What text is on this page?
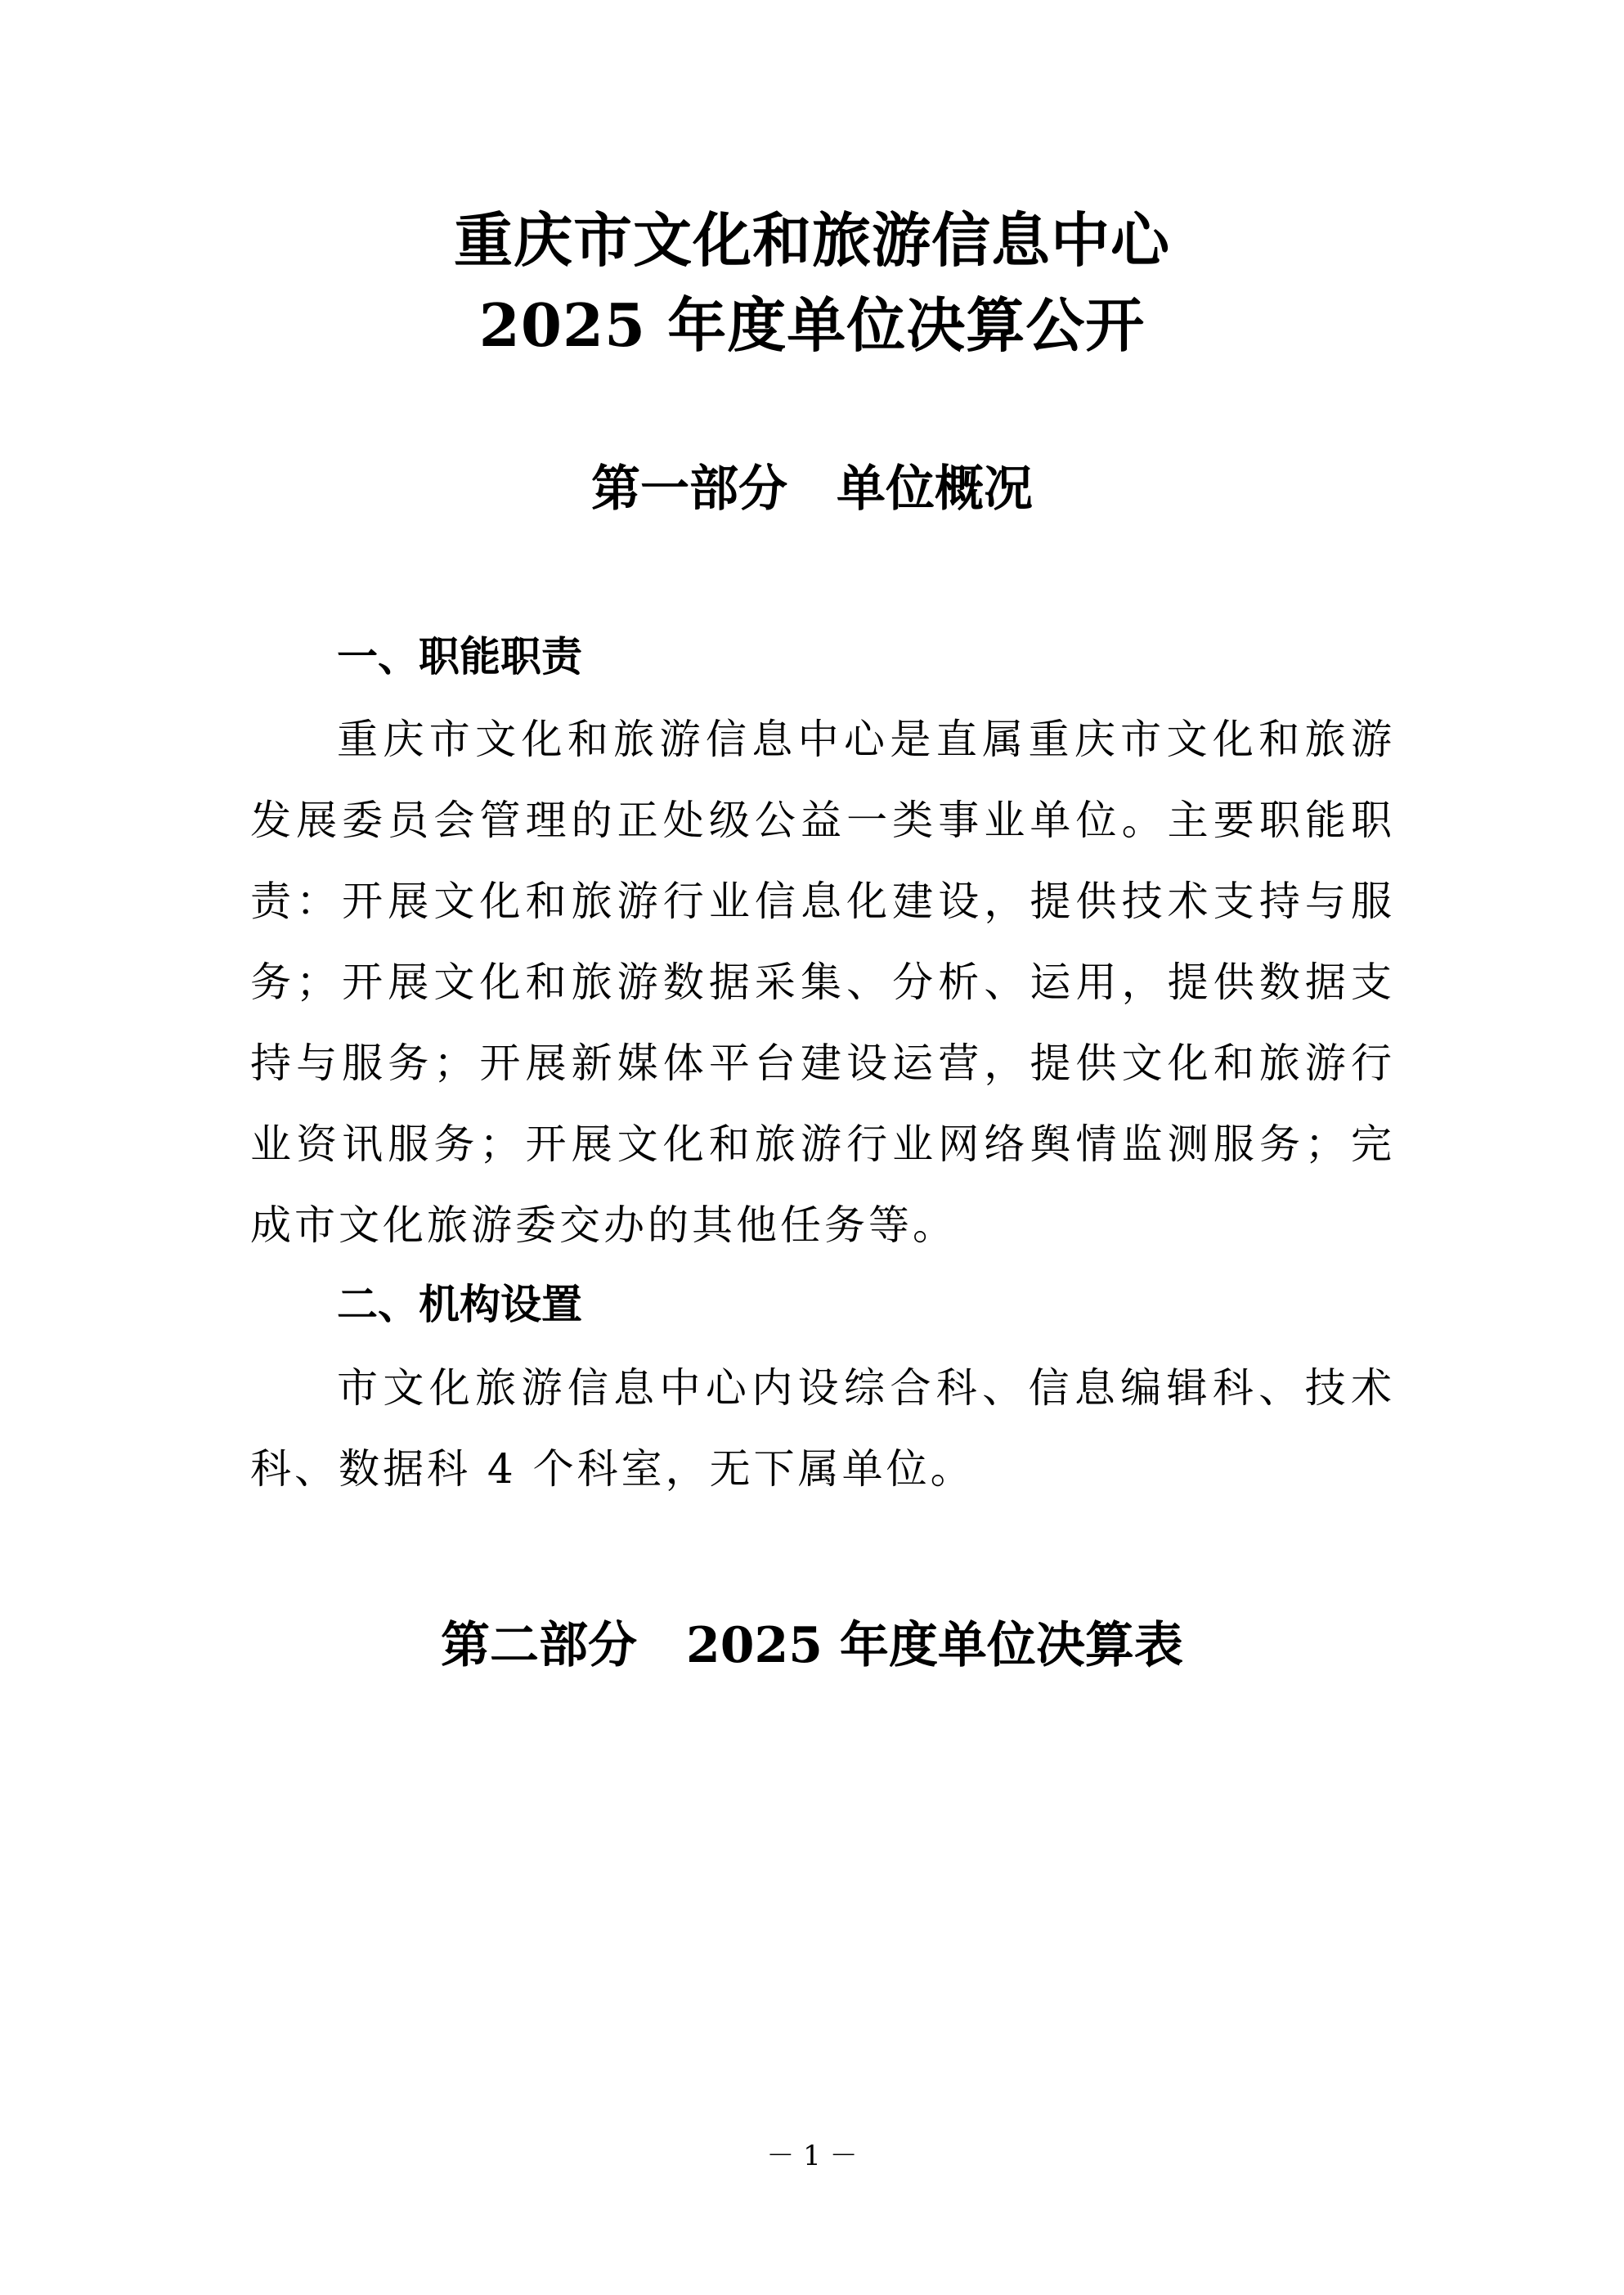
重庆市文化和旅游信息中心
2025 年度单位决算公开
第一部分　单位概况
一、职能职责
重庆市文化和旅游信息中心是直属重庆市文化和旅游发展委员会管理的正处级公益一类事业单位。主要职能职责：开展文化和旅游行业信息化建设，提供技术支持与服务；开展文化和旅游数据采集、分析、运用，提供数据支持与服务；开展新媒体平台建设运营，提供文化和旅游行业资讯服务；开展文化和旅游行业网络舆情监测服务；完成市文化旅游委交办的其他任务等。
二、机构设置
市文化旅游信息中心内设综合科、信息编辑科、技术科、数据科 4 个科室，无下属单位。
第二部分　2025 年度单位决算表
－ 1 －
